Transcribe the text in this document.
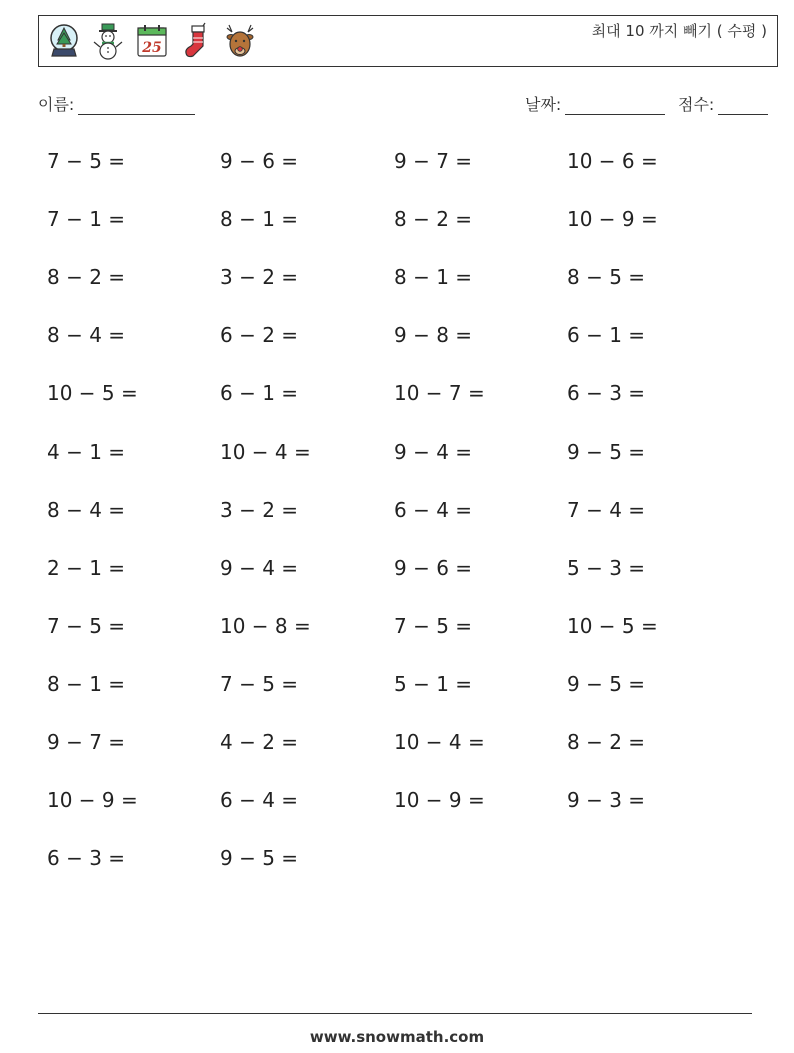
25
최대 10 까지 빼기 ( 수평 )
이름:	날짜:	점수:
7 − 5 =	9 − 6 =	9 − 7 =	10 − 6 =
7 − 1 =	8 − 1 =	8 − 2 =	10 − 9 =
8 − 2 =	3 − 2 =	8 − 1 =	8 − 5 =
8 − 4 =	6 − 2 =	9 − 8 =	6 − 1 =
10 − 5 =	6 − 1 =	10 − 7 =	6 − 3 =
4 − 1 =	10 − 4 =	9 − 4 =	9 − 5 =
8 − 4 =	3 − 2 =	6 − 4 =	7 − 4 =
2 − 1 =	9 − 4 =	9 − 6 =	5 − 3 =
7 − 5 =	10 − 8 =	7 − 5 =	10 − 5 =
8 − 1 =	7 − 5 =	5 − 1 =	9 − 5 =
9 − 7 =	4 − 2 =	10 − 4 =	8 − 2 =
10 − 9 =	6 − 4 =	10 − 9 =	9 − 3 =
6 − 3 =	9 − 5 =
www.snowmath.com
